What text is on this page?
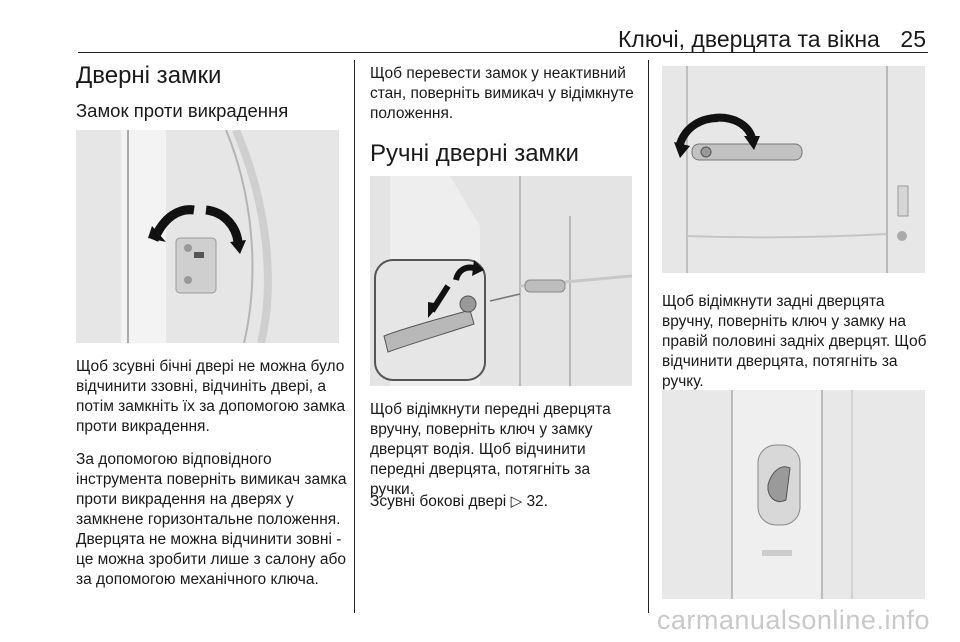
Ключі, дверцята та вікна 25
Дверні замки
Замок проти викрадення

Щоб зсувні бічні двері не можна було відчинити ззовні, відчиніть двері, а потім замкніть їх за допомогою замка проти викрадення.

За допомогою відповідного інструмента поверніть вимикач замка проти викрадення на дверях у замкнене горизонтальне положення. Дверцята не можна відчинити зовні - це можна зробити лише з салону або за допомогою механічного ключа.

Щоб перевести замок у неактивний стан, поверніть вимикач у відімкнуте положення.

Ручні дверні замки

Щоб відімкнути передні дверцята вручну, поверніть ключ у замку дверцят водія. Щоб відчинити передні дверцята, потягніть за ручки.

Зсувні бокові двері ▷ 32.

Щоб відімкнути задні дверцята вручну, поверніть ключ у замку на правій половині задніх дверцят. Щоб відчинити дверцята, потягніть за ручку.

carmanualsonline.info
